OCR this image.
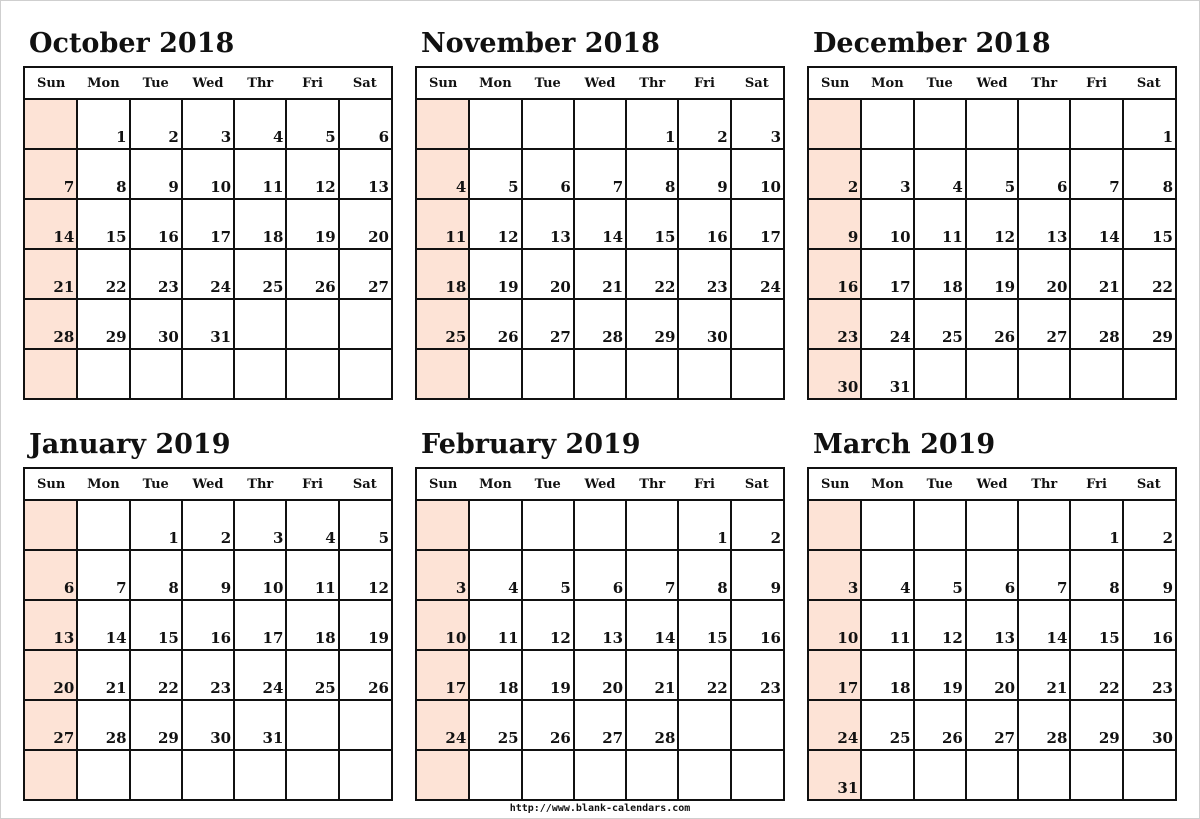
October 2018
Sun	Mon	Tue	Wed	Thr	Fri	Sat
	1	2	3	4	5	6
7	8	9	10	11	12	13
14	15	16	17	18	19	20
21	22	23	24	25	26	27
28	29	30	31			

November 2018
Sun	Mon	Tue	Wed	Thr	Fri	Sat
				1	2	3
4	5	6	7	8	9	10
11	12	13	14	15	16	17
18	19	20	21	22	23	24
25	26	27	28	29	30	

December 2018
Sun	Mon	Tue	Wed	Thr	Fri	Sat
						1
2	3	4	5	6	7	8
9	10	11	12	13	14	15
16	17	18	19	20	21	22
23	24	25	26	27	28	29
30	31					
January 2019
Sun	Mon	Tue	Wed	Thr	Fri	Sat
		1	2	3	4	5
6	7	8	9	10	11	12
13	14	15	16	17	18	19
20	21	22	23	24	25	26
27	28	29	30	31		

February 2019
Sun	Mon	Tue	Wed	Thr	Fri	Sat
					1	2
3	4	5	6	7	8	9
10	11	12	13	14	15	16
17	18	19	20	21	22	23
24	25	26	27	28		

March 2019
Sun	Mon	Tue	Wed	Thr	Fri	Sat
					1	2
3	4	5	6	7	8	9
10	11	12	13	14	15	16
17	18	19	20	21	22	23
24	25	26	27	28	29	30
31						
http://www.blank-calendars.com
